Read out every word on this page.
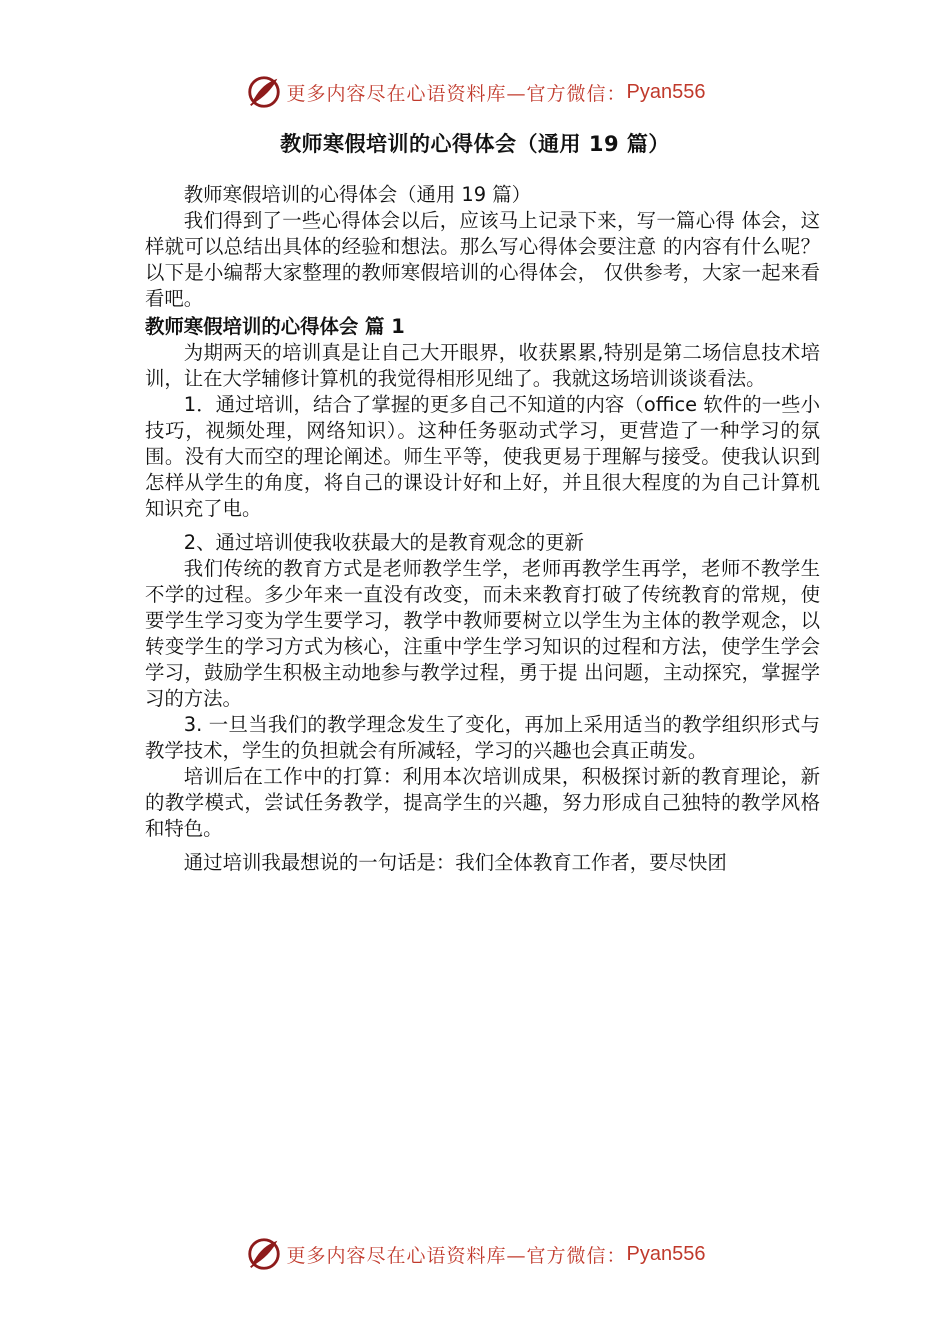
更多内容尽在心语资料库—官方微信： Pyan556
教师寒假培训的心得体会（通用 19 篇）

教师寒假培训的心得体会（通用 19 篇）

我们得到了一些心得体会以后，应该马上记录下来，写一篇心得 体会，这样就可以总结出具体的经验和想法。那么写心得体会要注意 的内容有什么呢？以下是小编帮大家整理的教师寒假培训的心得体会， 仅供参考，大家一起来看看吧。

教师寒假培训的心得体会 篇 1

为期两天的培训真是让自己大开眼界，收获累累,特别是第二场信息技术培训，让在大学辅修计算机的我觉得相形见绌了。我就这场培训谈谈看法。

1．通过培训，结合了掌握的更多自己不知道的内容（office 软件的一些小技巧，视频处理，网络知识）。这种任务驱动式学习，更营造了一种学习的氛围。没有大而空的理论阐述。师生平等，使我更易于理解与接受。使我认识到怎样从学生的角度，将自己的课设计好和上好，并且很大程度的为自己计算机知识充了电。

2、通过培训使我收获最大的是教育观念的更新

我们传统的教育方式是老师教学生学，老师再教学生再学，老师不教学生不学的过程。多少年来一直没有改变，而未来教育打破了传统教育的常规，使要学生学习变为学生要学习，教学中教师要树立以学生为主体的教学观念，以转变学生的学习方式为核心，注重中学生学习知识的过程和方法，使学生学会学习，鼓励学生积极主动地参与教学过程，勇于提 出问题，主动探究，掌握学习的方法。

3. 一旦当我们的教学理念发生了变化，再加上采用适当的教学组织形式与教学技术，学生的负担就会有所减轻，学习的兴趣也会真正萌发。

培训后在工作中的打算：利用本次培训成果，积极探讨新的教育理论，新的教学模式，尝试任务教学，提高学生的兴趣，努力形成自己独特的教学风格和特色。

通过培训我最想说的一句话是：我们全体教育工作者，要尽快团

更多内容尽在心语资料库—官方微信： Pyan556
